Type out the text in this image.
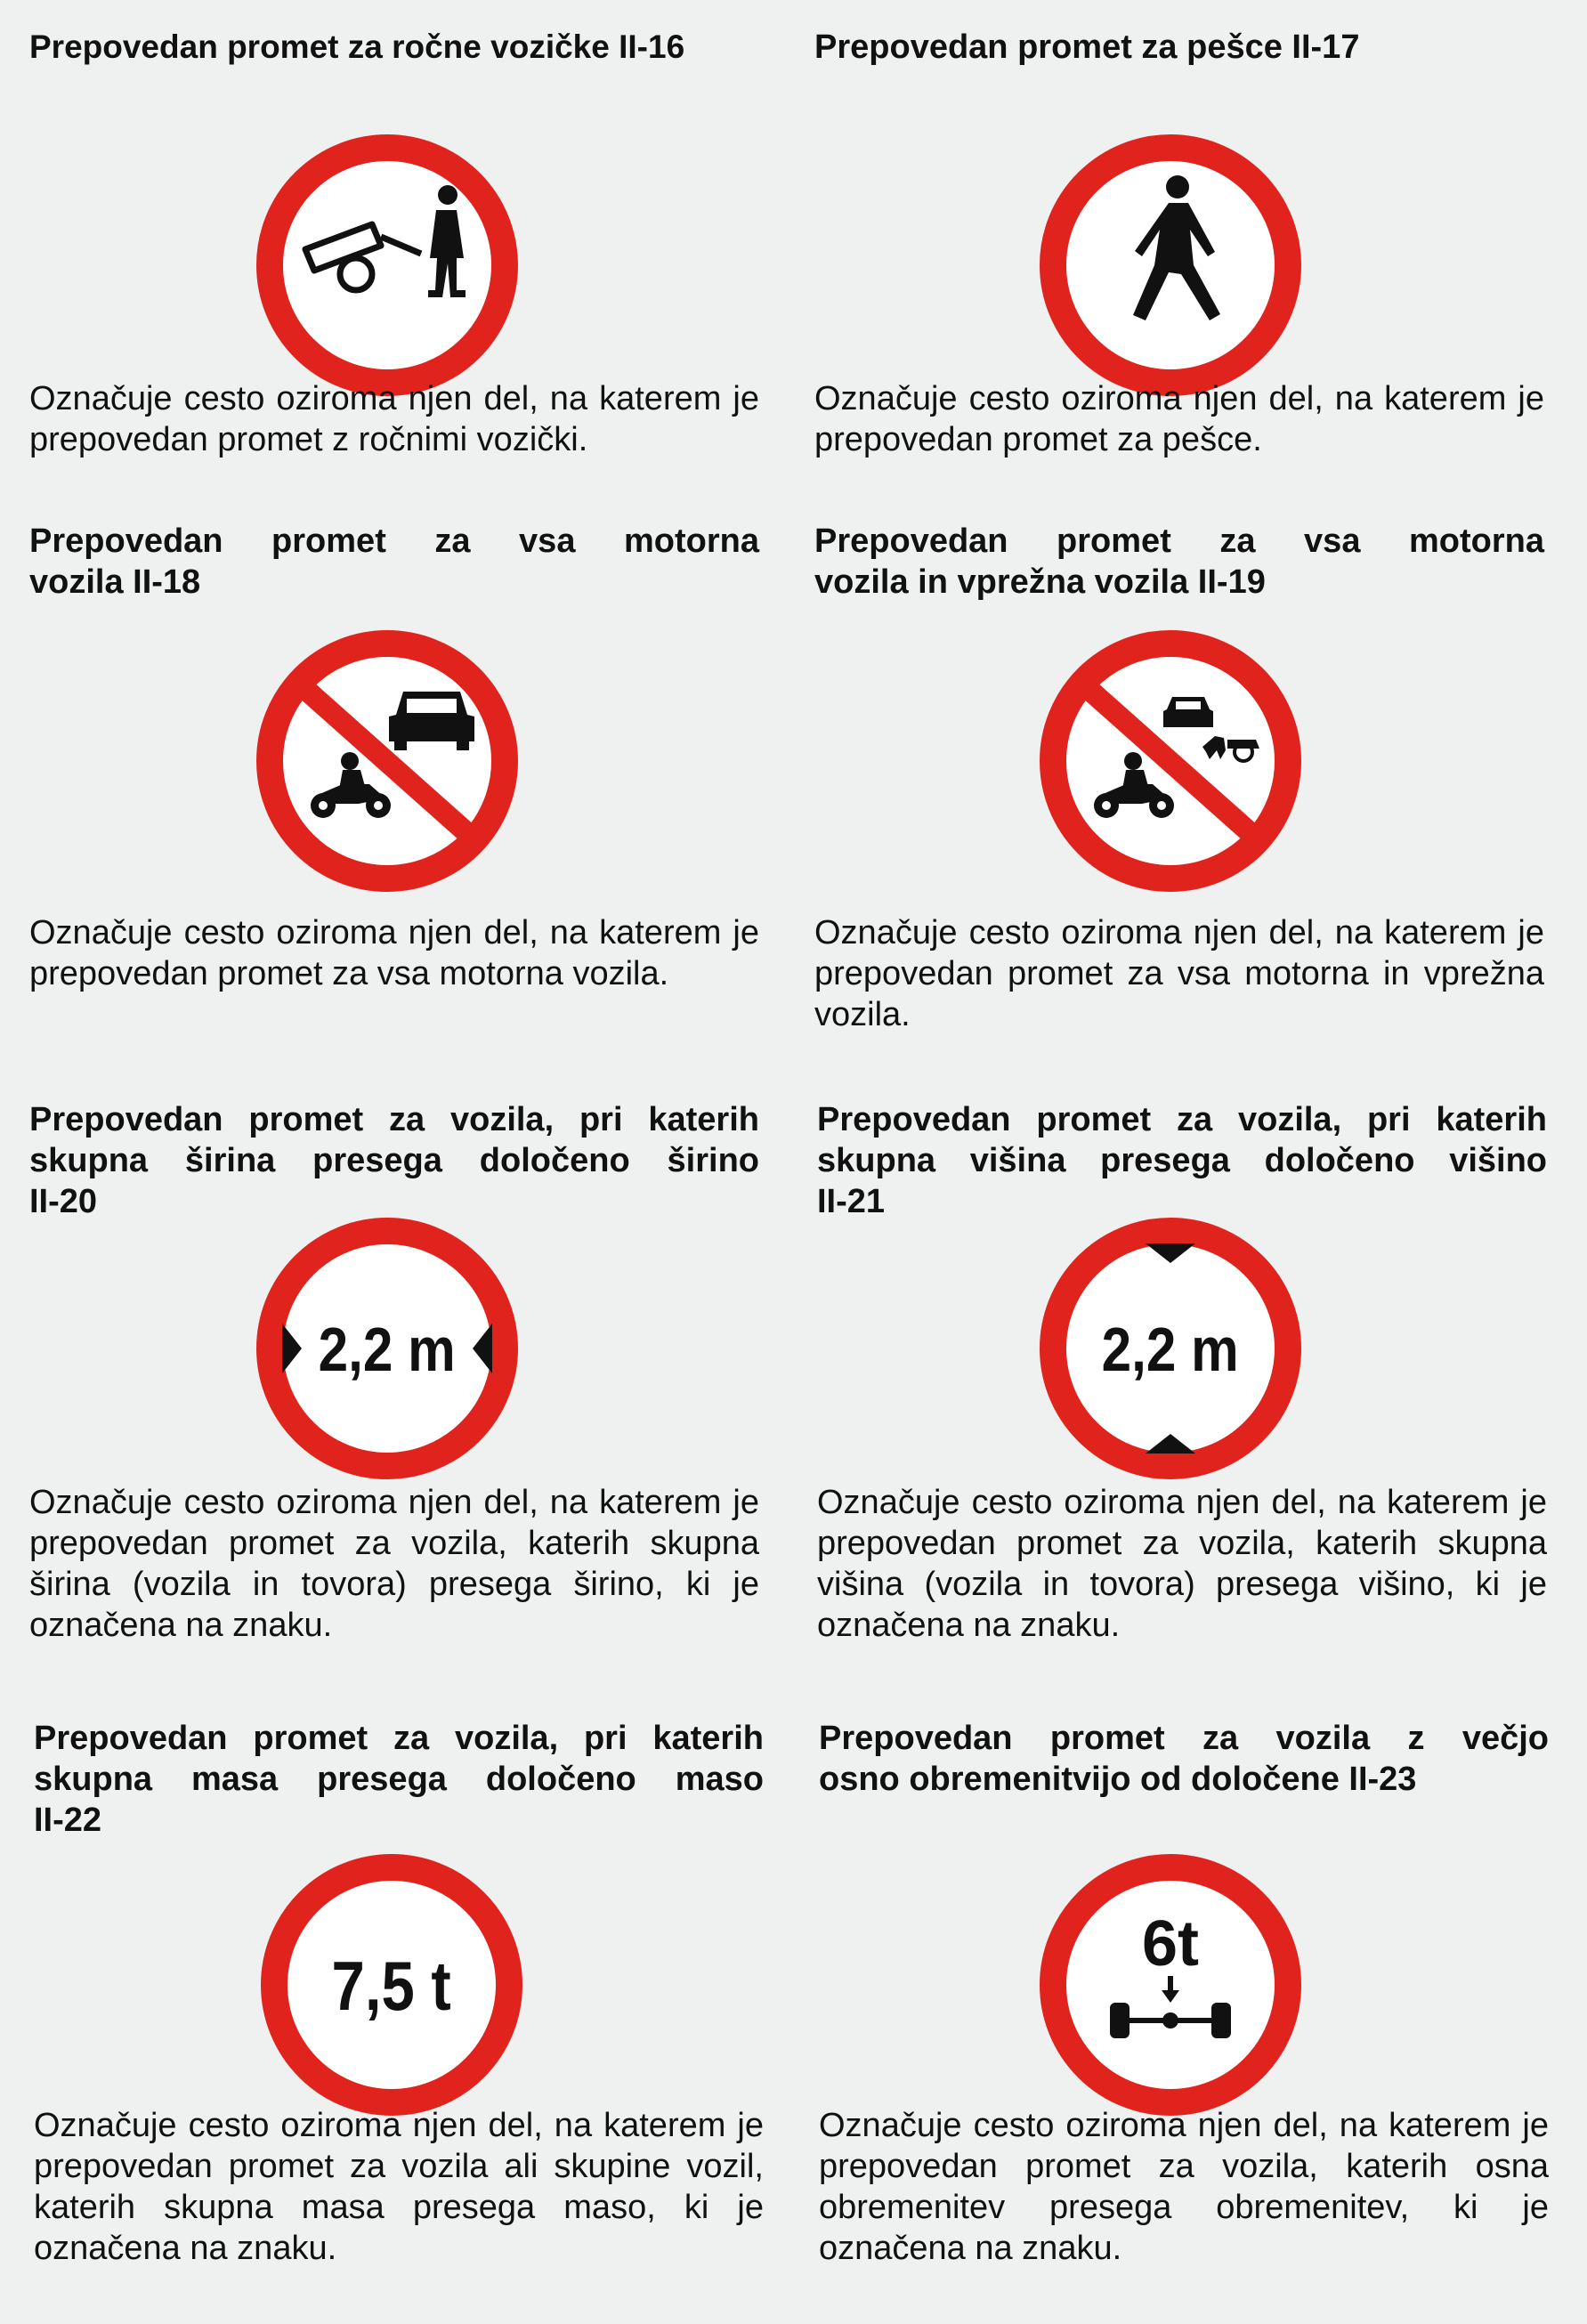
Prepovedan promet za ročne vozičke II-16

Označuje cesto oziroma njen del, na katerem je prepovedan promet z ročnimi vozički.

Prepovedan promet za pešce II-17

Označuje cesto oziroma njen del, na katerem je prepovedan promet za pešce.

Prepovedan promet za vsa motorna
vozila II-18

Označuje cesto oziroma njen del, na katerem je prepovedan promet za vsa motorna vozila.

Prepovedan promet za vsa motorna
vozila in vprežna vozila II-19

Označuje cesto oziroma njen del, na katerem je prepovedan promet za vsa motorna in vprežna vozila.

Prepovedan promet za vozila, pri katerih
skupna širina presega določeno širino
II-20
2,2 m

Označuje cesto oziroma njen del, na katerem je prepovedan promet za vozila, katerih skupna širina (vozila in tovora) presega širino, ki je označena na znaku.

Prepovedan promet za vozila, pri katerih
skupna višina presega določeno višino
II-21
2,2 m

Označuje cesto oziroma njen del, na katerem je prepovedan promet za vozila, katerih skupna višina (vozila in tovora) presega višino, ki je označena na znaku.

Prepovedan promet za vozila, pri katerih
skupna masa presega določeno maso
II-22
7,5 t

Označuje cesto oziroma njen del, na katerem je prepovedan promet za vozila ali skupine vozil, katerih skupna masa presega maso, ki je označena na znaku.

Prepovedan promet za vozila z večjo
osno obremenitvijo od določene II-23
6t

Označuje cesto oziroma njen del, na katerem je prepovedan promet za vozila, katerih osna obremenitev presega obremenitev, ki je označena na znaku.
